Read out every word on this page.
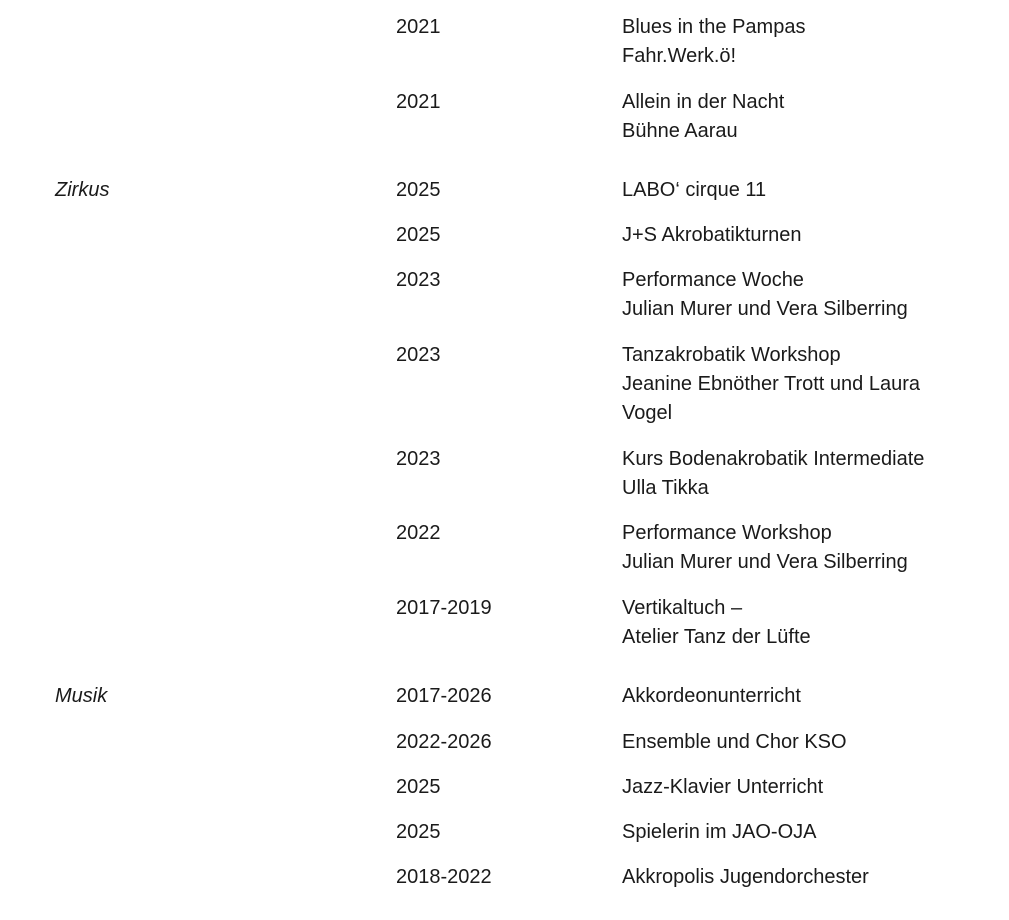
2021	Blues in the Pampas
Fahr.Werk.ö!
2021	Allein in der Nacht
Bühne Aarau
Zirkus	2025	LABO‘ cirque 11
2025	J+S Akrobatikturnen
2023	Performance Woche
Julian Murer und Vera Silberring
2023	Tanzakrobatik Workshop
Jeanine Ebnöther Trott und Laura
Vogel
2023	Kurs Bodenakrobatik Intermediate
Ulla Tikka
2022	Performance Workshop
Julian Murer und Vera Silberring
2017-2019	Vertikaltuch –
Atelier Tanz der Lüfte
Musik	2017-2026	Akkordeonunterricht
2022-2026	Ensemble und Chor KSO
2025	Jazz-Klavier Unterricht
2025	Spielerin im JAO-OJA
2018-2022	Akkropolis Jugendorchester
